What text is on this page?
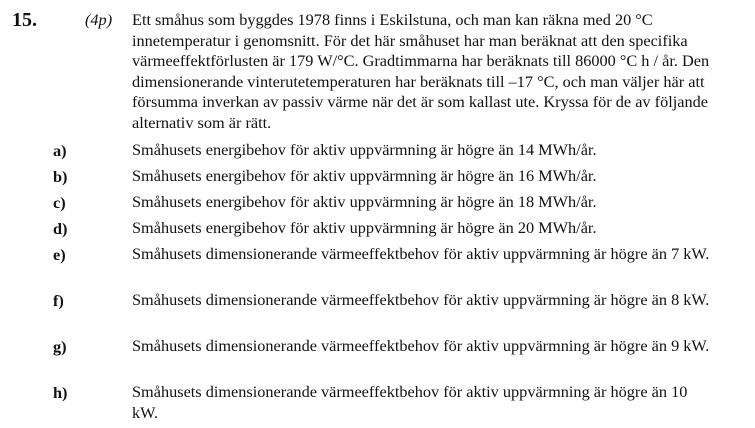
15.	(4p) Ett småhus som byggdes 1978 finns i Eskilstuna, och man kan räkna med 20 °C innetemperatur i genomsnitt. För det här småhuset har man beräknat att den specifika värmeeffektförlusten är 179 W/°C. Gradtimmarna har beräknats till 86000 °C h / år. Den dimensionerande vinterutetemperaturen har beräknats till –17 °C, och man väljer här att försumma inverkan av passiv värme när det är som kallast ute. Kryssa för de av följande alternativ som är rätt.
a)	Småhusets energibehov för aktiv uppvärmning är högre än 14 MWh/år.
b)	Småhusets energibehov för aktiv uppvärmning är högre än 16 MWh/år.
c)	Småhusets energibehov för aktiv uppvärmning är högre än 18 MWh/år.
d)	Småhusets energibehov för aktiv uppvärmning är högre än 20 MWh/år.
e)	Småhusets dimensionerande värmeeffektbehov för aktiv uppvärmning är högre än 7 kW.
f)	Småhusets dimensionerande värmeeffektbehov för aktiv uppvärmning är högre än 8 kW.
g)	Småhusets dimensionerande värmeeffektbehov för aktiv uppvärmning är högre än 9 kW.
h)	Småhusets dimensionerande värmeeffektbehov för aktiv uppvärmning är högre än 10 kW.
